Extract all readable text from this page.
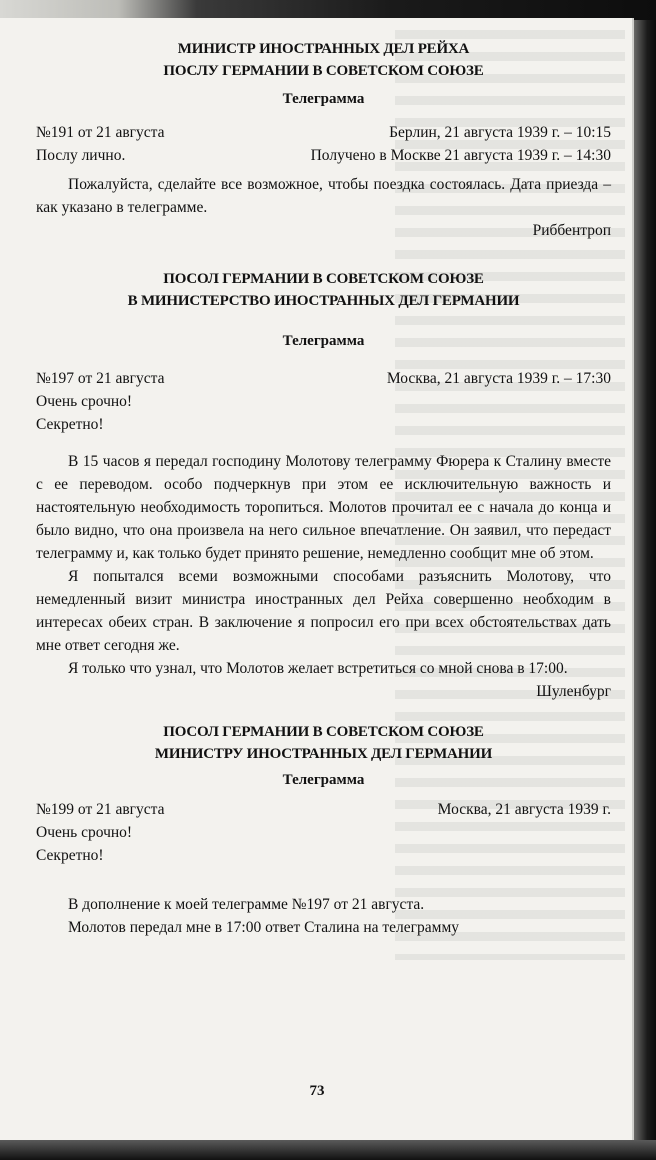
МИНИСТР ИНОСТРАННЫХ ДЕЛ РЕЙХА
ПОСЛУ ГЕРМАНИИ В СОВЕТСКОМ СОЮЗЕ
Телеграмма
№191 от 21 августа	Берлин, 21 августа 1939 г. – 10:15
Послу лично.	Получено в Москве 21 августа 1939 г. – 14:30

Пожалуйста, сделайте все возможное, чтобы поездка состоялась. Дата приезда – как указано в телеграмме.

Риббентроп
ПОСОЛ ГЕРМАНИИ В СОВЕТСКОМ СОЮЗЕ
В МИНИСТЕРСТВО ИНОСТРАННЫХ ДЕЛ ГЕРМАНИИ
Телеграмма
№197 от 21 августа	Москва, 21 августа 1939 г. – 17:30
Очень срочно!
Секретно!

В 15 часов я передал господину Молотову телеграмму Фюрера к Сталину вместе с ее переводом. особо подчеркнув при этом ее исключительную важность и настоятельную необходимость торопиться. Молотов прочитал ее с начала до конца и было видно, что она произвела на него сильное впечатление. Он заявил, что передаст телеграмму и, как только будет принято решение, немедленно сообщит мне об этом.

Я попытался всеми возможными способами разъяснить Молотову, что немедленный визит министра иностранных дел Рейха совершенно необходим в интересах обеих стран. В заключение я попросил его при всех обстоятельствах дать мне ответ сегодня же.

Я только что узнал, что Молотов желает встретиться со мной снова в 17:00.

Шуленбург
ПОСОЛ ГЕРМАНИИ В СОВЕТСКОМ СОЮЗЕ
МИНИСТРУ ИНОСТРАННЫХ ДЕЛ ГЕРМАНИИ
Телеграмма
№199 от 21 августа	Москва, 21 августа 1939 г.
Очень срочно!
Секретно!

В дополнение к моей телеграмме №197 от 21 августа.

Молотов передал мне в 17:00 ответ Сталина на телеграмму

73
